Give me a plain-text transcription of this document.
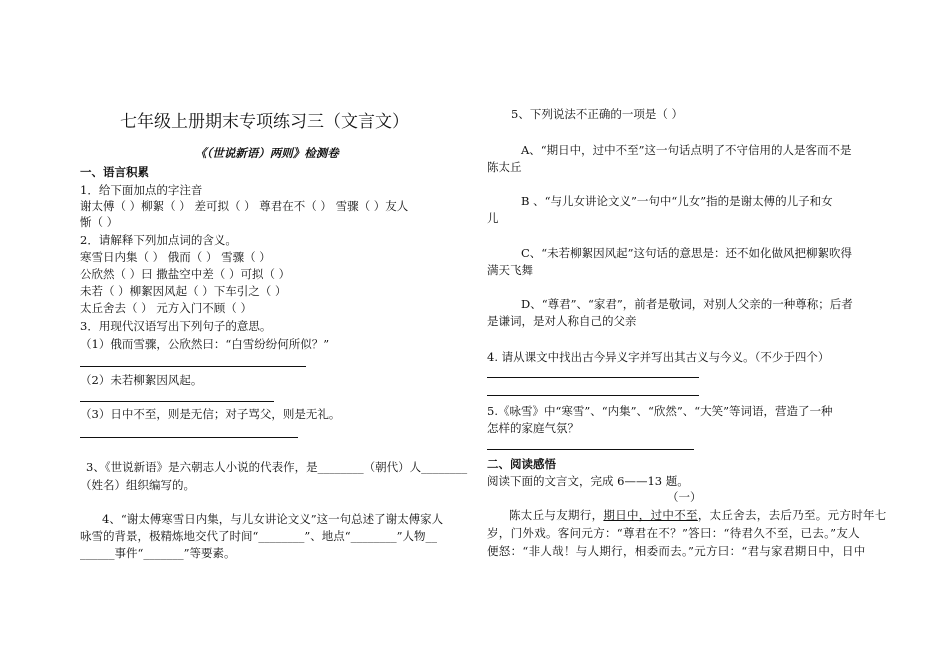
七年级上册期末专项练习三（文言文）
《（世说新语）两则》检测卷
一、语言积累
1．给下面加点的字注音
谢太傅（ ）柳絮（ ） 差可拟（ ） 尊君在不（ ） 雪骤（ ）友人
惭（ ）
2．请解释下列加点词的含义。
寒雪日内集（ ） 俄而（ ） 雪骤（ ）
公欣然（ ）曰 撒盐空中差（ ）可拟（ ）
未若（ ）柳絮因风起（ ）下车引之（ ）
太丘舍去（ ） 元方入门不顾（ ）
3．用现代汉语写出下列句子的意思。
（1）俄而雪骤，公欣然曰：“白雪纷纷何所似？”
（2）未若柳絮因风起。
（3）日中不至，则是无信；对子骂父，则是无礼。
3、《世说新语》是六朝志人小说的代表作，是________（朝代）人________
（姓名）组织编写的。
4、“谢太傅寒雪日内集，与儿女讲论文义”这一句总述了谢太傅家人
咏雪的背景，极精炼地交代了时间“________”、地点“________”人物__
______事件“_______”等要素。
5、下列说法不正确的一项是（ ）
A、“期日中，过中不至”这一句话点明了不守信用的人是客而不是
陈太丘
B 、“与儿女讲论文义”一句中“儿女”指的是谢太傅的儿子和女
儿
C、“未若柳絮因风起”这句话的意思是：还不如化做风把柳絮吹得
满天飞舞
D、“尊君”、“家君”，前者是敬词，对别人父亲的一种尊称；后者
是谦词，是对人称自己的父亲
4. 请从课文中找出古今异义字并写出其古义与今义。（不少于四个）
5.《咏雪》中“寒雪”、“内集”、“欣然”、“大笑”等词语，营造了一种
怎样的家庭气氛？
二、阅读感悟
阅读下面的文言文，完成 6——13 题。
（一）
陈太丘与友期行，期日中，过中不至，太丘舍去，去后乃至。元方时年七
岁，门外戏。客问元方：“尊君在不？”答曰：“待君久不至，已去。”友人
便怒：“非人哉！与人期行，相委而去。”元方曰：“君与家君期日中，日中
